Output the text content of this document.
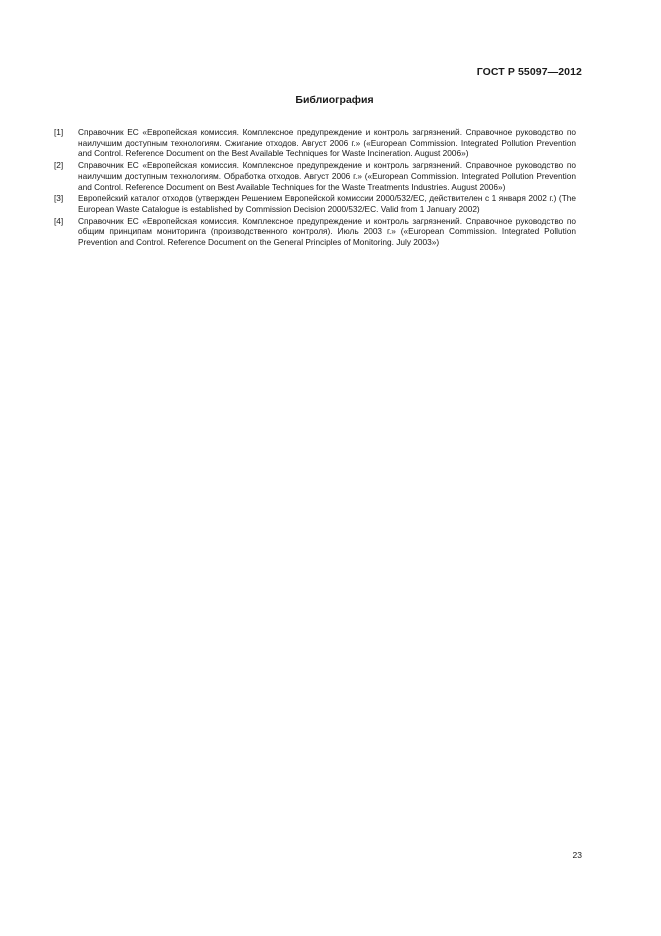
ГОСТ Р 55097—2012
Библиография
[1] Справочник ЕС «Европейская комиссия. Комплексное предупреждение и контроль загрязнений. Справочное руководство по наилучшим доступным технологиям. Сжигание отходов. Август 2006 г.» («European Commission. Integrated Pollution Prevention and Control. Reference Document on the Best Available Techniques for Waste Incineration. August 2006»)
[2] Справочник ЕС «Европейская комиссия. Комплексное предупреждение и контроль загрязнений. Справочное руководство по наилучшим доступным технологиям. Обработка отходов. Август 2006 г.» («European Commission. Integrated Pollution Prevention and Control. Reference Document on Best Available Techniques for the Waste Treatments Industries. August 2006»)
[3] Европейский каталог отходов (утвержден Решением Европейской комиссии 2000/532/ЕС, действителен с 1 января 2002 г.) (The European Waste Catalogue is established by Commission Decision 2000/532/EC. Valid from 1 January 2002)
[4] Справочник ЕС «Европейская комиссия. Комплексное предупреждение и контроль загрязнений. Справочное руководство по общим принципам мониторинга (производственного контроля). Июль 2003 г.» («European Commission. Integrated Pollution Prevention and Control. Reference Document on the General Principles of Monitoring. July 2003»)
23
